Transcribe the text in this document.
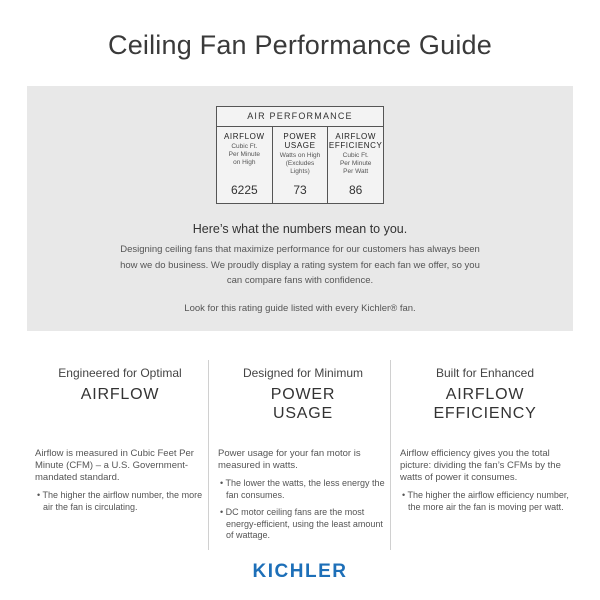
Ceiling Fan Performance Guide
AIR PERFORMANCE
AIRFLOW
Cubic Ft.
Per Minute
on High
6225
POWER
USAGE
Watts on High
(Excludes
Lights)
73
AIRFLOW
EFFICIENCY
Cubic Ft.
Per Minute
Per Watt
86
Here’s what the numbers mean to you.
Designing ceiling fans that maximize performance for our customers has always been how we do business. We proudly display a rating system for each fan we offer, so you can compare fans with confidence.
Look for this rating guide listed with every Kichler® fan.
Engineered for Optimal
AIRFLOW
Airflow is measured in Cubic Feet Per Minute (CFM) – a U.S. Government-mandated standard.
• The higher the airflow number, the more air the fan is circulating.
Designed for Minimum
POWER USAGE
Power usage for your fan motor is measured in watts.
• The lower the watts, the less energy the fan consumes.
• DC motor ceiling fans are the most energy-efficient, using the least amount of wattage.
Built for Enhanced
AIRFLOW EFFICIENCY
Airflow efficiency gives you the total picture: dividing the fan’s CFMs by the watts of power it consumes.
• The higher the airflow efficiency number, the more air the fan is moving per watt.
KICHLER
